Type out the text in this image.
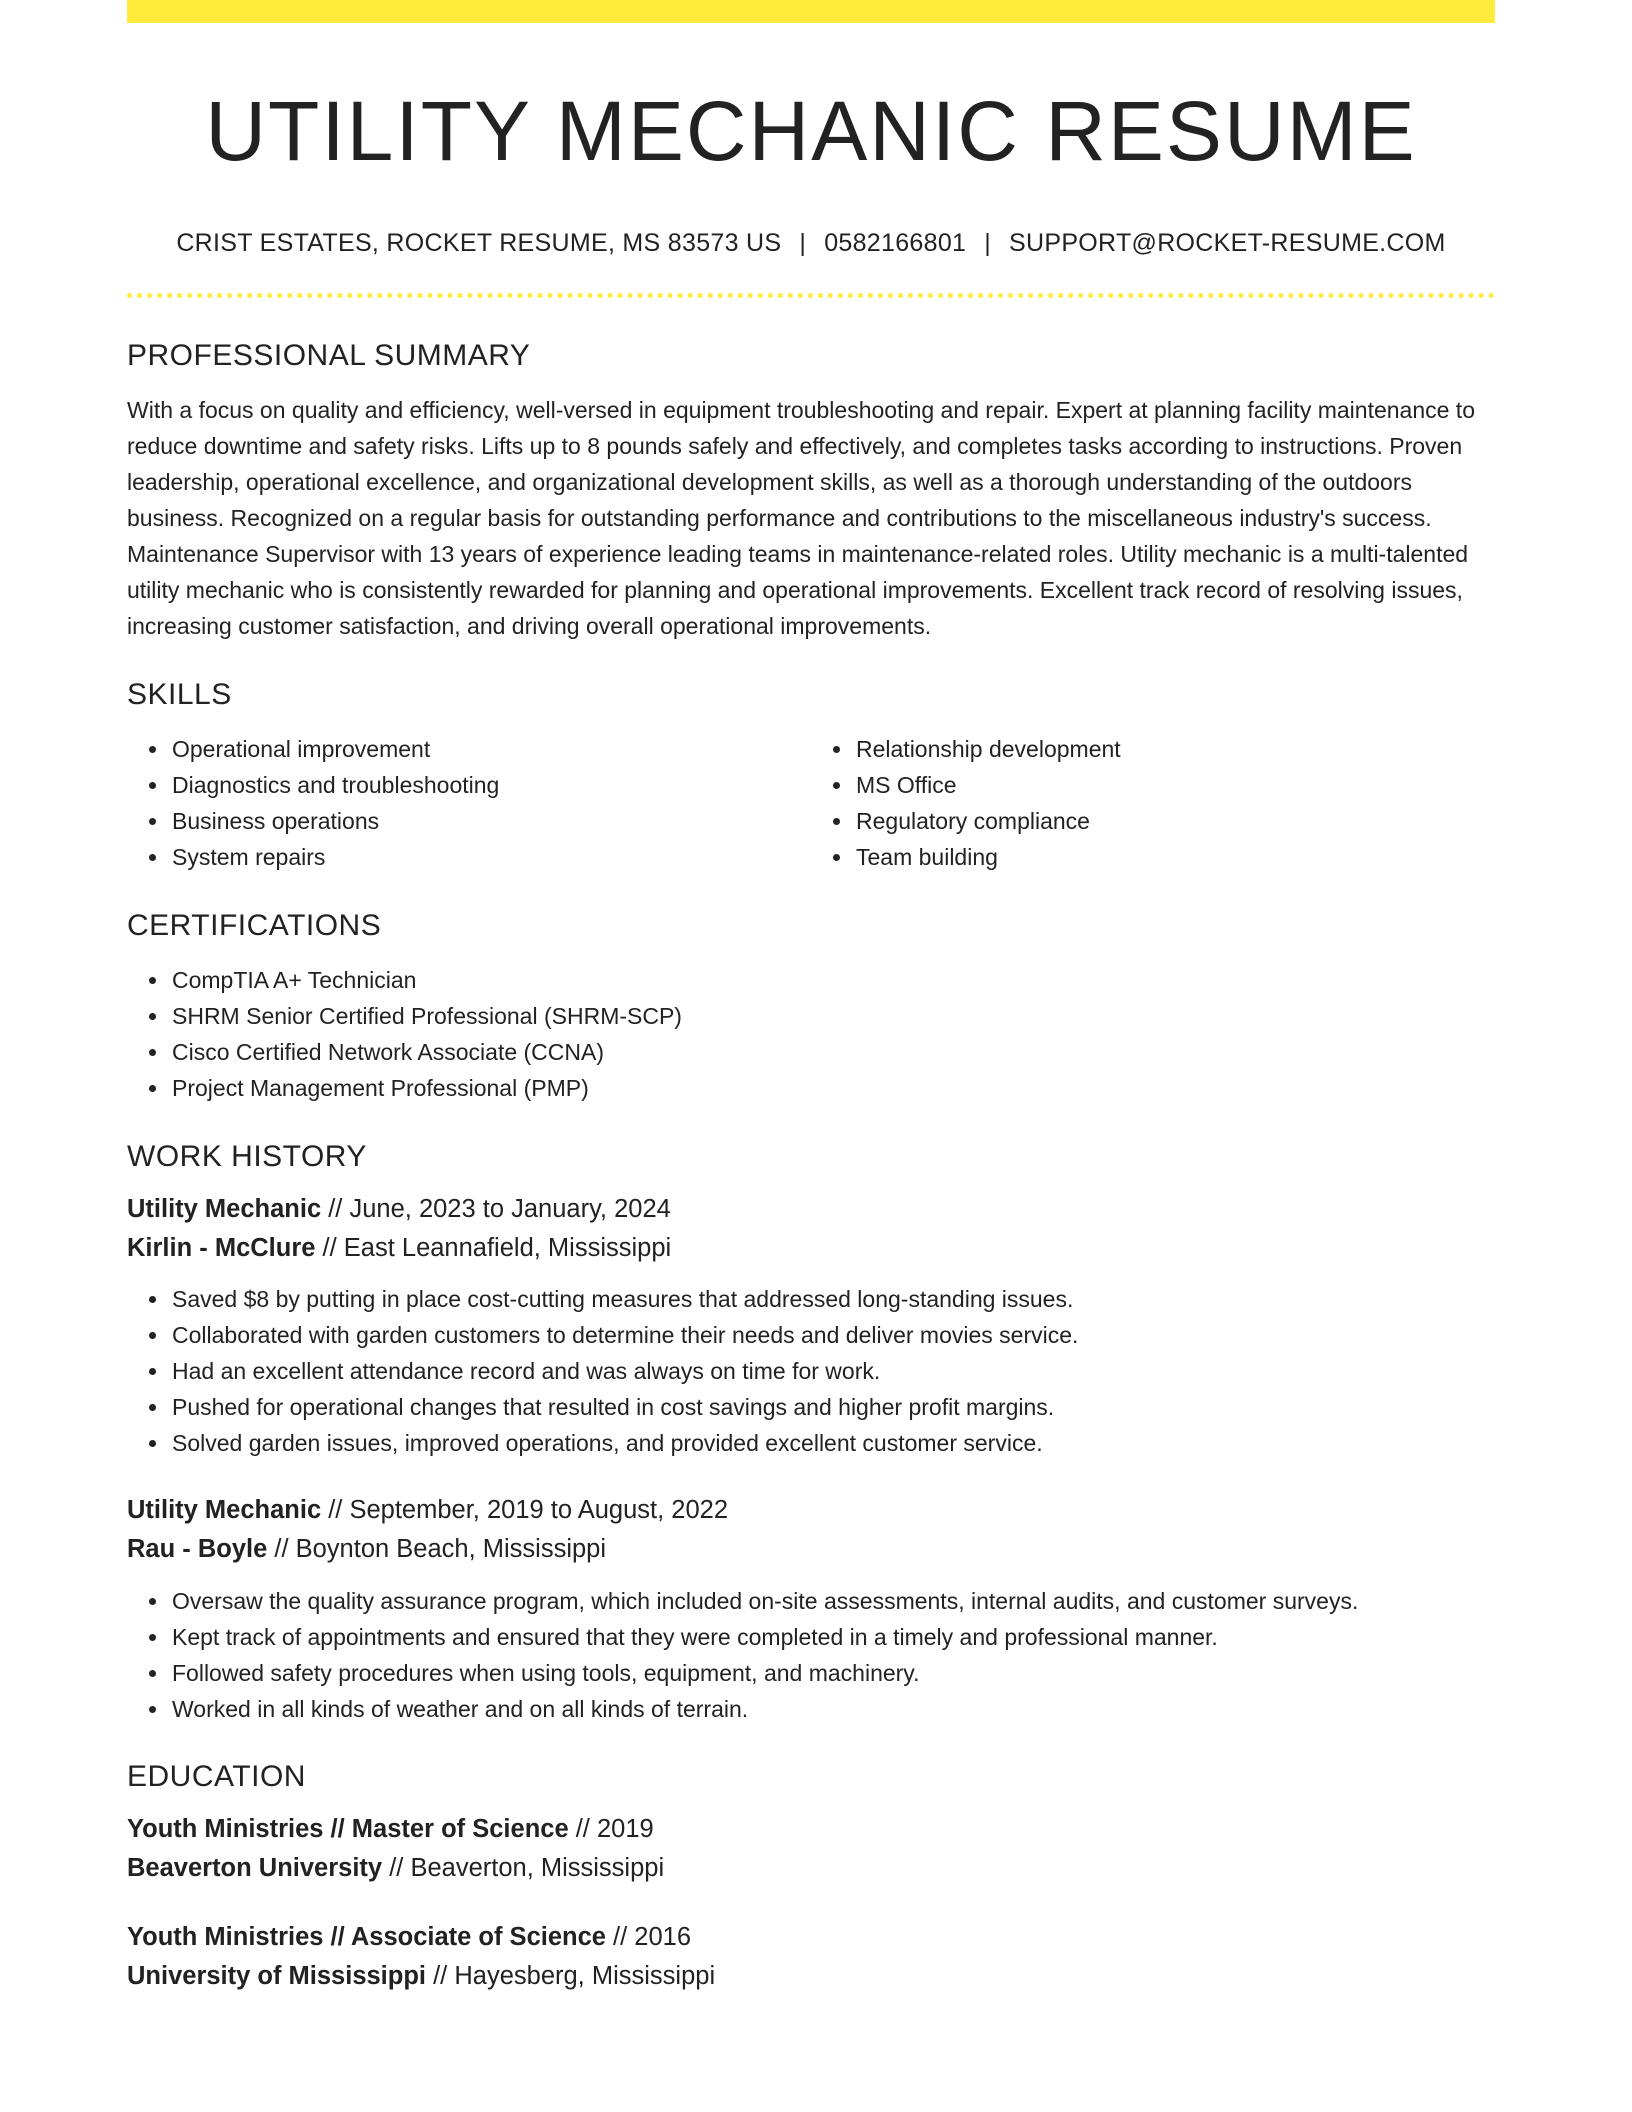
UTILITY MECHANIC RESUME
CRIST ESTATES, ROCKET RESUME, MS 83573 US | 0582166801 | SUPPORT@ROCKET-RESUME.COM
PROFESSIONAL SUMMARY

With a focus on quality and efficiency, well-versed in equipment troubleshooting and repair. Expert at planning facility maintenance to reduce downtime and safety risks. Lifts up to 8 pounds safely and effectively, and completes tasks according to instructions. Proven leadership, operational excellence, and organizational development skills, as well as a thorough understanding of the outdoors business. Recognized on a regular basis for outstanding performance and contributions to the miscellaneous industry's success. Maintenance Supervisor with 13 years of experience leading teams in maintenance-related roles. Utility mechanic is a multi-talented utility mechanic who is consistently rewarded for planning and operational improvements. Excellent track record of resolving issues, increasing customer satisfaction, and driving overall operational improvements.

SKILLS
• Operational improvement
• Diagnostics and troubleshooting
• Business operations
• System repairs
• Relationship development
• MS Office
• Regulatory compliance
• Team building
CERTIFICATIONS
• CompTIA A+ Technician
• SHRM Senior Certified Professional (SHRM-SCP)
• Cisco Certified Network Associate (CCNA)
• Project Management Professional (PMP)
WORK HISTORY
Utility Mechanic // June, 2023 to January, 2024
Kirlin - McClure // East Leannafield, Mississippi
• Saved $8 by putting in place cost-cutting measures that addressed long-standing issues.
• Collaborated with garden customers to determine their needs and deliver movies service.
• Had an excellent attendance record and was always on time for work.
• Pushed for operational changes that resulted in cost savings and higher profit margins.
• Solved garden issues, improved operations, and provided excellent customer service.
Utility Mechanic // September, 2019 to August, 2022
Rau - Boyle // Boynton Beach, Mississippi
• Oversaw the quality assurance program, which included on-site assessments, internal audits, and customer surveys.
• Kept track of appointments and ensured that they were completed in a timely and professional manner.
• Followed safety procedures when using tools, equipment, and machinery.
• Worked in all kinds of weather and on all kinds of terrain.
EDUCATION
Youth Ministries // Master of Science // 2019
Beaverton University // Beaverton, Mississippi
Youth Ministries // Associate of Science // 2016
University of Mississippi // Hayesberg, Mississippi
